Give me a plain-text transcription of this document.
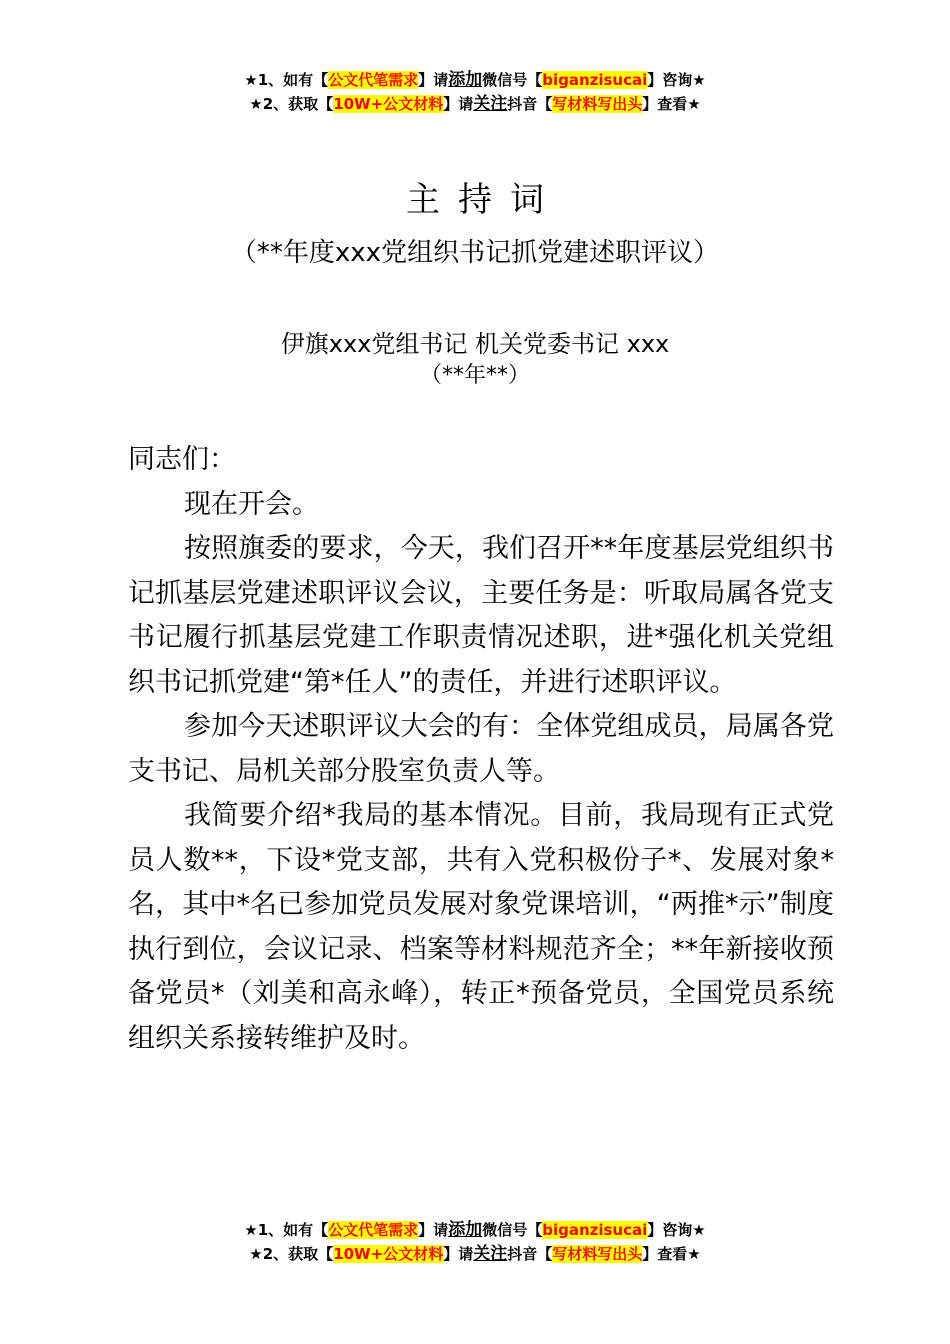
★1、如有【公文代笔需求】请添加微信号【biganzisucai】咨询★
★2、获取【10W+公文材料】请关注抖音【写材料写出头】查看★
主持词
（**年度xxx党组织书记抓党建述职评议）
伊旗xxx党组书记 机关党委书记 xxx
（**年**）

同志们：

现在开会。

按照旗委的要求，今天，我们召开**年度基层党组织书记抓基层党建述职评议会议，主要任务是：听取局属各党支书记履行抓基层党建工作职责情况述职，进*强化机关党组织书记抓党建“第*任人”的责任，并进行述职评议。

参加今天述职评议大会的有：全体党组成员，局属各党支书记、局机关部分股室负责人等。

我简要介绍*我局的基本情况。目前，我局现有正式党员人数**，下设*党支部，共有入党积极份子*、发展对象*名，其中*名已参加党员发展对象党课培训，“两推*示”制度执行到位，会议记录、档案等材料规范齐全；**年新接收预备党员*（刘美和高永峰），转正*预备党员，全国党员系统组织关系接转维护及时。

★1、如有【公文代笔需求】请添加微信号【biganzisucai】咨询★
★2、获取【10W+公文材料】请关注抖音【写材料写出头】查看★
